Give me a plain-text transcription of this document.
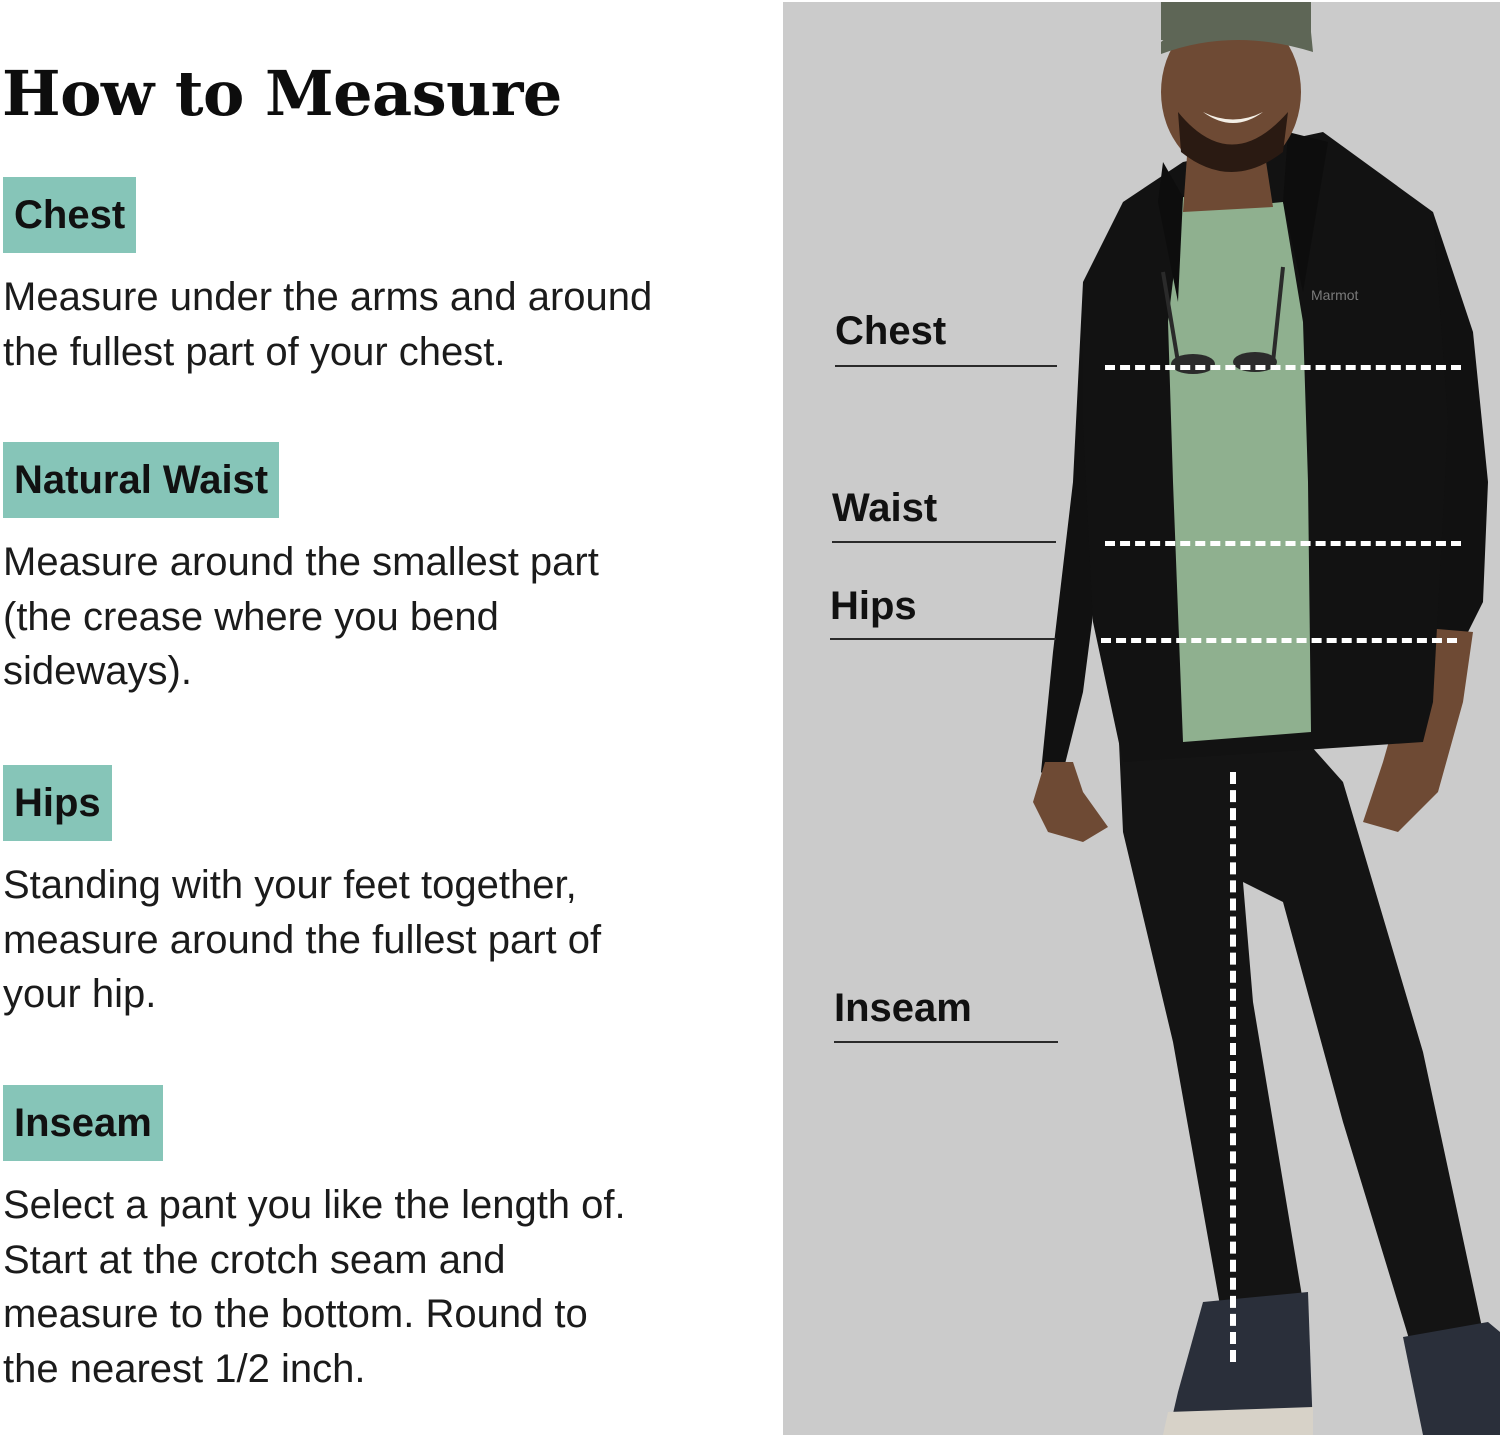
How to Measure
Chest

Measure under the arms and around
the fullest part of your chest.

Natural Waist

Measure around the smallest part
(the crease where you bend
sideways).

Hips

Standing with your feet together,
measure around the fullest part of
your hip.

Inseam

Select a pant you like the length of.
Start at the crotch seam and
measure to the bottom. Round to
the nearest 1/2 inch.

Marmot
Chest
Waist
Hips
Inseam
